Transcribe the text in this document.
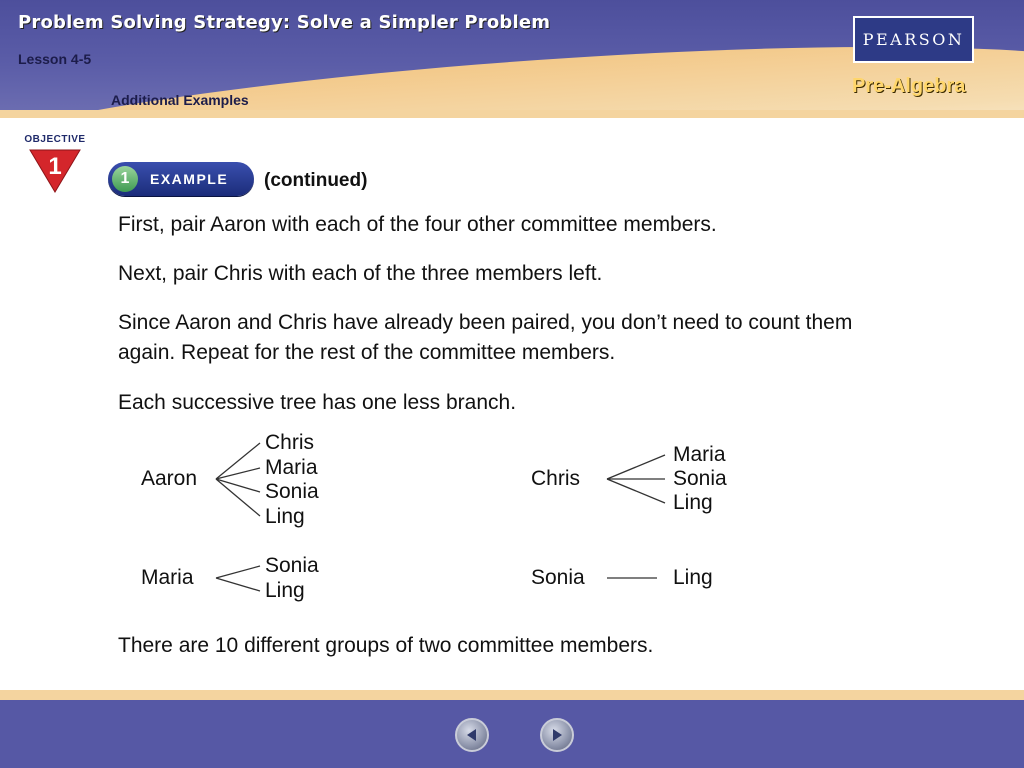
Problem Solving Strategy: Solve a Simpler Problem
Lesson 4-5
Additional Examples
PEARSON
Pre-Algebra
OBJECTIVE
1	1	EXAMPLE (continued)

First, pair Aaron with each of the four other committee members.

Next, pair Chris with each of the three members left.

Since Aaron and Chris have already been paired, you don’t need to count them again. Repeat for the rest of the committee members.

Each successive tree has one less branch.

Aaron
Chris
Maria
Sonia
Ling
Chris
Maria
Sonia
Ling
Maria
Sonia
Ling
Sonia	Ling

There are 10 different groups of two committee members.
